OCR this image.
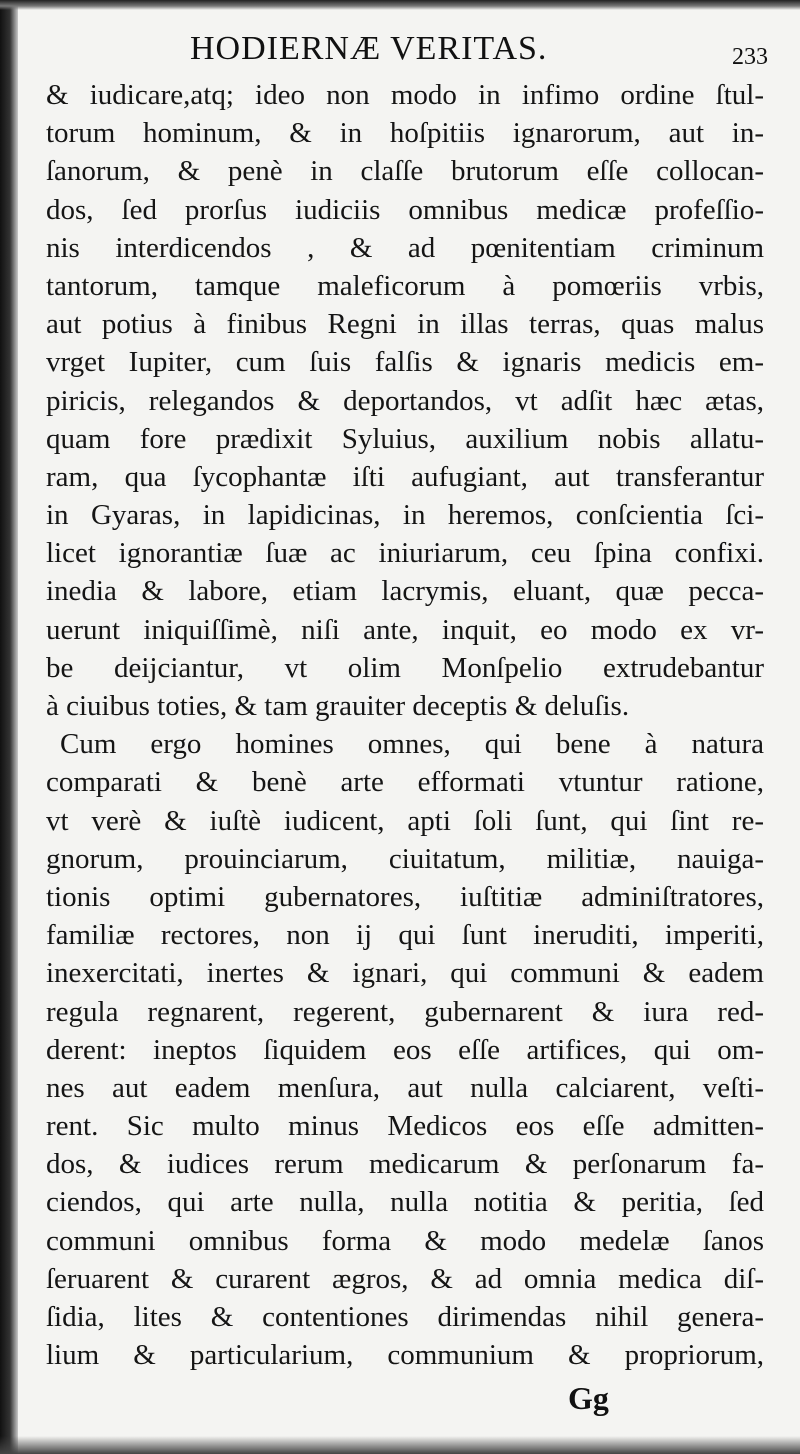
HODIERNÆ VERITAS.	233
& iudicare,atq; ideo non modo in infimo ordine ſtul-
torum hominum, & in hoſpitiis ignarorum, aut in-
ſanorum, & penè in claſſe brutorum eſſe collocan-
dos, ſed prorſus iudiciis omnibus medicæ profeſſio-
nis interdicendos , & ad pœnitentiam criminum
tantorum, tamque maleficorum à pomœriis vrbis,
aut potius à finibus Regni in illas terras, quas malus
vrget Iupiter, cum ſuis falſis & ignaris medicis em-
piricis, relegandos & deportandos, vt adſit hæc ætas,
quam fore prædixit Syluius, auxilium nobis allatu-
ram, qua ſycophantæ iſti aufugiant, aut transferantur
in Gyaras, in lapidicinas, in heremos, conſcientia ſci-
licet ignorantiæ ſuæ ac iniuriarum, ceu ſpina confixi.
inedia & labore, etiam lacrymis, eluant, quæ pecca-
uerunt iniquiſſimè, niſi ante, inquit, eo modo ex vr-
be deijciantur, vt olim Monſpelio extrudebantur
à ciuibus toties, & tam grauiter deceptis & deluſis.
Cum ergo homines omnes, qui bene à natura
comparati & benè arte efformati vtuntur ratione,
vt verè & iuſtè iudicent, apti ſoli ſunt, qui ſint re-
gnorum, prouinciarum, ciuitatum, militiæ, nauiga-
tionis optimi gubernatores, iuſtitiæ adminiſtratores,
familiæ rectores, non ij qui ſunt ineruditi, imperiti,
inexercitati, inertes & ignari, qui communi & eadem
regula regnarent, regerent, gubernarent & iura red-
derent: ineptos ſiquidem eos eſſe artifices, qui om-
nes aut eadem menſura, aut nulla calciarent, veſti-
rent. Sic multo minus Medicos eos eſſe admitten-
dos, & iudices rerum medicarum & perſonarum fa-
ciendos, qui arte nulla, nulla notitia & peritia, ſed
communi omnibus forma & modo medelæ ſanos
ſeruarent & curarent ægros, & ad omnia medica diſ-
ſidia, lites & contentiones dirimendas nihil genera-
lium & particularium, communium & propriorum,
Gg
